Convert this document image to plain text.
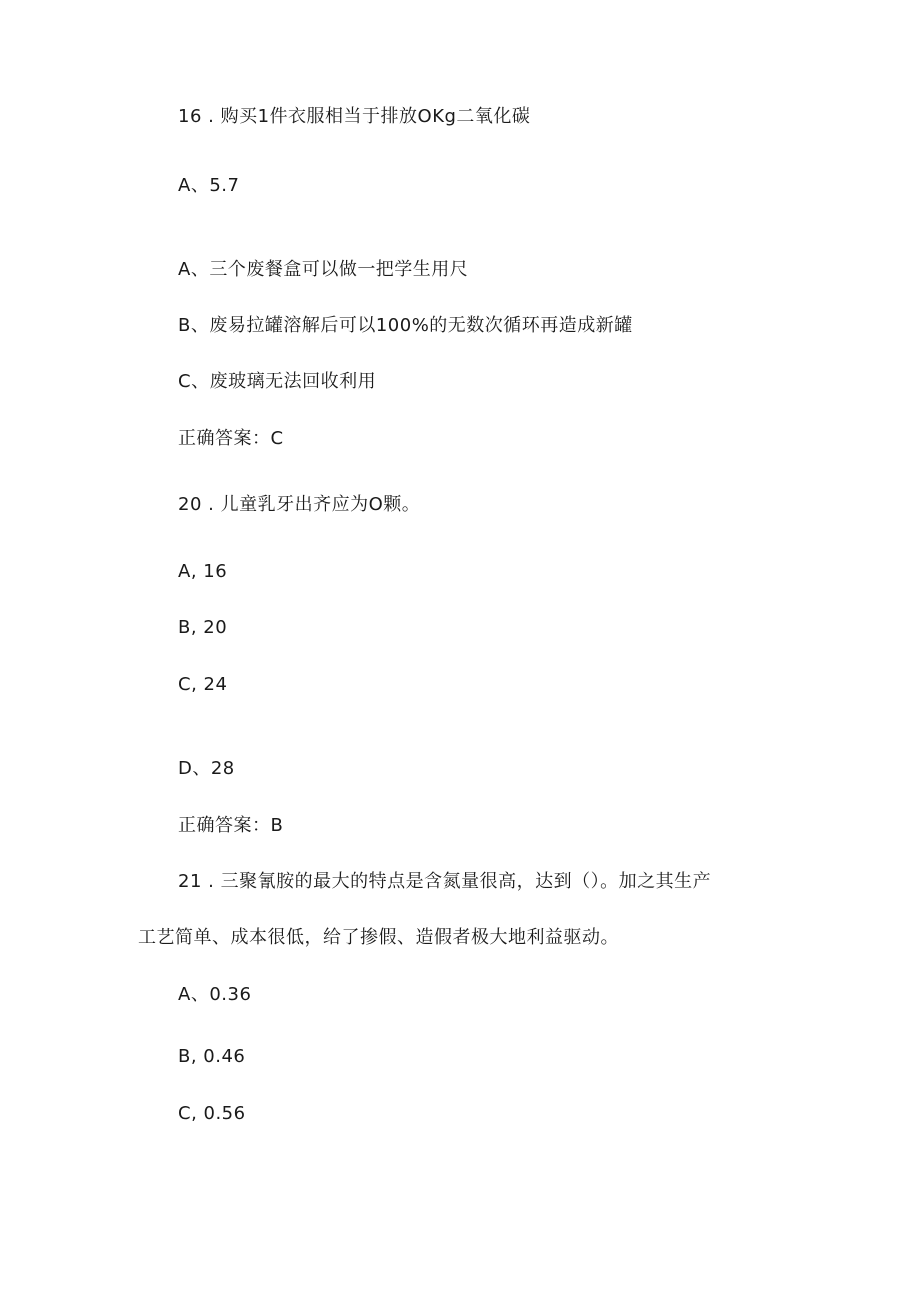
16 . 购买1件衣服相当于排放OKg二氧化碳
A、5.7
A、三个废餐盒可以做一把学生用尺
B、废易拉罐溶解后可以100%的无数次循环再造成新罐
C、废玻璃无法回收利用
正确答案：C
20 . 儿童乳牙出齐应为O颗。
A, 16
B, 20
C, 24
D、28
正确答案：B
21 . 三聚氰胺的最大的特点是含氮量很高，达到（）。加之其生产
工艺简单、成本很低，给了掺假、造假者极大地利益驱动。
A、0.36
B, 0.46
C, 0.56
